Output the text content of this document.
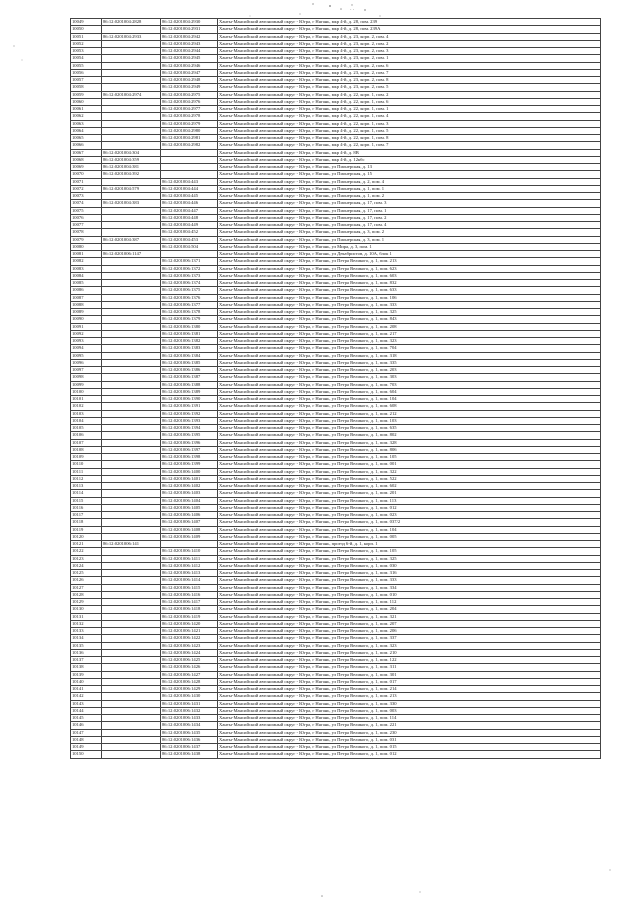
°
· ·
10049	86:12:0201004:2828	86:12:0201004:2930	Ханты-Мансийский автономный округ - Югра, г Нягань, мкр 4-й, д. 28, пом. 239
10050		86:12:0201004:2931	Ханты-Мансийский автономный округ - Югра, г Нягань, мкр 4-й, д. 28, пом. 239А
10051	86:12:0201004:2933	86:12:0201004:2942	Ханты-Мансийский автономный округ - Югра, г Нягань, мкр 4-й, д. 23, корп. 2, пом. 4
10052		86:12:0201004:2943	Ханты-Мансийский автономный округ - Югра, г Нягань, мкр 4-й, д. 23, корп. 2, пом. 2
10053		86:12:0201004:2944	Ханты-Мансийский автономный округ - Югра, г Нягань, мкр 4-й, д. 23, корп. 2, пом. 3
10054		86:12:0201004:2945	Ханты-Мансийский автономный округ - Югра, г Нягань, мкр 4-й, д. 23, корп. 2, пом. 1
10055		86:12:0201004:2946	Ханты-Мансийский автономный округ - Югра, г Нягань, мкр 4-й, д. 23, корп. 2, пом. 6
10056		86:12:0201004:2947	Ханты-Мансийский автономный округ - Югра, г Нягань, мкр 4-й, д. 23, корп. 2, пом. 7
10057		86:12:0201004:2948	Ханты-Мансийский автономный округ - Югра, г Нягань, мкр 4-й, д. 23, корп. 2, пом. 8
10058		86:12:0201004:2949	Ханты-Мансийский автономный округ - Югра, г Нягань, мкр 4-й, д. 23, корп. 2, пом. 5
10059	86:12:0201004:2974	86:12:0201004:2975	Ханты-Мансийский автономный округ - Югра, г Нягань, мкр 4-й, д. 22, корп. 1, пом. 2
10060		86:12:0201004:2976	Ханты-Мансийский автономный округ - Югра, г Нягань, мкр 4-й, д. 22, корп. 1, пом. 6
10061		86:12:0201004:2977	Ханты-Мансийский автономный округ - Югра, г Нягань, мкр 4-й, д. 22, корп. 1, пом. 1
10062		86:12:0201004:2978	Ханты-Мансийский автономный округ - Югра, г Нягань, мкр 4-й, д. 22, корп. 1, пом. 4
10063		86:12:0201004:2979	Ханты-Мансийский автономный округ - Югра, г Нягань, мкр 4-й, д. 22, корп. 1, пом. 3
10064		86:12:0201004:2980	Ханты-Мансийский автономный округ - Югра, г Нягань, мкр 4-й, д. 22, корп. 1, пом. 5
10065		86:12:0201004:2981	Ханты-Мансийский автономный округ - Югра, г Нягань, мкр 4-й, д. 22, корп. 1, пом. 8
10066		86:12:0201004:2982	Ханты-Мансийский автономный округ - Югра, г Нягань, мкр 4-й, д. 22, корп. 1, пом. 7
10067	86:12:0201004:304		Ханты-Мансийский автономный округ - Югра, г Нягань, мкр 4-й, д. 8В
10068	86:12:0201004:359		Ханты-Мансийский автономный округ - Югра, г Нягань, мкр 4-й, д. 12кбс
10069	86:12:0201004:381		Ханты-Мансийский автономный округ - Югра, г Нягань, ул Пионерская, д. 13
10070	86:12:0201004:392		Ханты-Мансийский автономный округ - Югра, г Нягань, ул Пионерская, д. 15
10071		86:12:0201004:443	Ханты-Мансийский автономный округ - Югра, г Нягань, ул Пионерская, д. 2, пом. 4
10072	86:12:0201004:579	86:12:0201004:444	Ханты-Мансийский автономный округ - Югра, г Нягань, ул Пионерская, д. 1, пом. 1
10073		86:12:0201004:445	Ханты-Мансийский автономный округ - Югра, г Нягань, ул Пионерская, д. 1, пом. 2
10074	86:12:0201004:383	86:12:0201004:446	Ханты-Мансийский автономный округ - Югра, г Нягань, ул Пионерская, д. 17, пом. 3
10075		86:12:0201004:447	Ханты-Мансийский автономный округ - Югра, г Нягань, ул Пионерская, д. 17, пом. 1
10076		86:12:0201004:448	Ханты-Мансийский автономный округ - Югра, г Нягань, ул Пионерская, д. 17, пом. 2
10077		86:12:0201004:449	Ханты-Мансийский автономный округ - Югра, г Нягань, ул Пионерская, д. 17, пом. 4
10078		86:12:0201004:452	Ханты-Мансийский автономный округ - Югра, г Нягань, ул Пионерская, д. 3, пом. 2
10079	86:12:0201004:387	86:12:0201004:453	Ханты-Мансийский автономный округ - Югра, г Нягань, ул Пионерская, д. 3, пом. 1
10080		86:12:0201004:504	Ханты-Мансийский автономный округ - Югра, г Нягань, ул Мира, д. 3, пом. 1
10081	86:12:0201006:1147		Ханты-Мансийский автономный округ - Югра, г Нягань, ул Декабристов, д. 10А, блок 1
10082		86:12:0201006:1371	Ханты-Мансийский автономный округ - Югра, г Нягань, ул Петра Великого, д. 1, пом. 213
10083		86:12:0201006:1372	Ханты-Мансийский автономный округ - Югра, г Нягань, ул Петра Великого, д. 1, пом. 623
10084		86:12:0201006:1373	Ханты-Мансийский автономный округ - Югра, г Нягань, ул Петра Великого, д. 1, пом. 603
10085		86:12:0201006:1374	Ханты-Мансийский автономный округ - Югра, г Нягань, ул Петра Великого, д. 1, пом. 832
10086		86:12:0201006:1375	Ханты-Мансийский автономный округ - Югра, г Нягань, ул Петра Великого, д. 1, пом. 633
10087		86:12:0201006:1376	Ханты-Мансийский автономный округ - Югра, г Нягань, ул Петра Великого, д. 1, пом. 106
10088		86:12:0201006:1377	Ханты-Мансийский автономный округ - Югра, г Нягань, ул Петра Великого, д. 1, пом. 333
10089		86:12:0201006:1378	Ханты-Мансийский автономный округ - Югра, г Нягань, ул Петра Великого, д. 1, пом. 325
10090		86:12:0201006:1379	Ханты-Мансийский автономный округ - Югра, г Нягань, ул Петра Великого, д. 1, пом. 843
10091		86:12:0201006:1380	Ханты-Мансийский автономный округ - Югра, г Нягань, ул Петра Великого, д. 1, пом. 208
10092		86:12:0201006:1381	Ханты-Мансийский автономный округ - Югра, г Нягань, ул Петра Великого, д. 1, пом. 217
10093		86:12:0201006:1382	Ханты-Мансийский автономный округ - Югра, г Нягань, ул Петра Великого, д. 1, пом. 323
10094		86:12:0201006:1383	Ханты-Мансийский автономный округ - Югра, г Нягань, ул Петра Великого, д. 1, пом. 704
10095		86:12:0201006:1384	Ханты-Мансийский автономный округ - Югра, г Нягань, ул Петра Великого, д. 1, пом. 318
10096		86:12:0201006:1385	Ханты-Мансийский автономный округ - Югра, г Нягань, ул Петра Великого, д. 1, пом. 335
10097		86:12:0201006:1386	Ханты-Мансийский автономный округ - Югра, г Нягань, ул Петра Великого, д. 1, пом. 203
10098		86:12:0201006:1387	Ханты-Мансийский автономный округ - Югра, г Нягань, ул Петра Великого, д. 1, пом. 303
10099		86:12:0201006:1388	Ханты-Мансийский автономный округ - Югра, г Нягань, ул Петра Великого, д. 1, пом. 703
10100		86:12:0201006:1389	Ханты-Мансийский автономный округ - Югра, г Нягань, ул Петра Великого, д. 1, пом. 604
10101		86:12:0201006:1390	Ханты-Мансийский автономный округ - Югра, г Нягань, ул Петра Великого, д. 1, пом. 104
10102		86:12:0201006:1391	Ханты-Мансийский автономный округ - Югра, г Нягань, ул Петра Великого, д. 1, пом. 608
10103		86:12:0201006:1392	Ханты-Мансийский автономный округ - Югра, г Нягань, ул Петра Великого, д. 1, пом. 212
10104		86:12:0201006:1393	Ханты-Мансийский автономный округ - Югра, г Нягань, ул Петра Великого, д. 1, пом. 103
10105		86:12:0201006:1394	Ханты-Мансийский автономный округ - Югра, г Нягань, ул Петра Великого, д. 1, пом. 635
10106		86:12:0201006:1395	Ханты-Мансийский автономный округ - Югра, г Нягань, ул Петра Великого, д. 1, пом. 802
10107		86:12:0201006:1396	Ханты-Мансийский автономный округ - Югра, г Нягань, ул Петра Великого, д. 1, пом. 328
10108		86:12:0201006:1397	Ханты-Мансийский автономный округ - Югра, г Нягань, ул Петра Великого, д. 1, пом. 806
10109		86:12:0201006:1398	Ханты-Мансийский автономный округ - Югра, г Нягань, ул Петра Великого, д. 1, пом. 105
10110		86:12:0201006:1399	Ханты-Мансийский автономный округ - Югра, г Нягань, ул Петра Великого, д. 1, пом. 001
10111		86:12:0201006:1400	Ханты-Мансийский автономный округ - Югра, г Нягань, ул Петра Великого, д. 1, пом. 322
10112		86:12:0201006:1401	Ханты-Мансийский автономный округ - Югра, г Нягань, ул Петра Великого, д. 1, пом. 522
10113		86:12:0201006:1402	Ханты-Мансийский автономный округ - Югра, г Нягань, ул Петра Великого, д. 1, пом. 602
10114		86:12:0201006:1403	Ханты-Мансийский автономный округ - Югра, г Нягань, ул Петра Великого, д. 1, пом. 201
10115		86:12:0201006:1404	Ханты-Мансийский автономный округ - Югра, г Нягань, ул Петра Великого, д. 1, пом. 113
10116		86:12:0201006:1405	Ханты-Мансийский автономный округ - Югра, г Нягань, ул Петра Великого, д. 1, пом. 012
10117		86:12:0201006:1406	Ханты-Мансийский автономный округ - Югра, г Нягань, ул Петра Великого, д. 1, пом. 023
10118		86:12:0201006:1407	Ханты-Мансийский автономный округ - Югра, г Нягань, ул Петра Великого, д. 1, пом. 037/2
10119		86:12:0201006:1408	Ханты-Мансийский автономный округ - Югра, г Нягань, ул Петра Великого, д. 1, пом. 104
10120		86:12:0201006:1409	Ханты-Мансийский автономный округ - Югра, г Нягань, ул Петра Великого, д. 1, пом. 005
10121	86:12:0201006:141		Ханты-Мансийский автономный округ - Югра, г Нягань, проезд 6-й, д. 1, корп. 1
10122		86:12:0201006:1410	Ханты-Мансийский автономный округ - Югра, г Нягань, ул Петра Великого, д. 1, пом. 105
10123		86:12:0201006:1411	Ханты-Мансийский автономный округ - Югра, г Нягань, ул Петра Великого, д. 1, пом. 325
10124		86:12:0201006:1412	Ханты-Мансийский автономный округ - Югра, г Нягань, ул Петра Великого, д. 1, пом. 030
10125		86:12:0201006:1413	Ханты-Мансийский автономный округ - Югра, г Нягань, ул Петра Великого, д. 1, пом. 316
10126		86:12:0201006:1414	Ханты-Мансийский автономный округ - Югра, г Нягань, ул Петра Великого, д. 1, пом. 333
10127		86:12:0201006:1415	Ханты-Мансийский автономный округ - Югра, г Нягань, ул Петра Великого, д. 1, пом. 334
10128		86:12:0201006:1416	Ханты-Мансийский автономный округ - Югра, г Нягань, ул Петра Великого, д. 1, пом. 010
10129		86:12:0201006:1417	Ханты-Мансийский автономный округ - Югра, г Нягань, ул Петра Великого, д. 1, пом. 112
10130		86:12:0201006:1418	Ханты-Мансийский автономный округ - Югра, г Нягань, ул Петра Великого, д. 1, пом. 204
10131		86:12:0201006:1419	Ханты-Мансийский автономный округ - Югра, г Нягань, ул Петра Великого, д. 1, пом. 321
10132		86:12:0201006:1420	Ханты-Мансийский автономный округ - Югра, г Нягань, ул Петра Великого, д. 1, пом. 207
10133		86:12:0201006:1421	Ханты-Мансийский автономный округ - Югра, г Нягань, ул Петра Великого, д. 1, пом. 206
10134		86:12:0201006:1422	Ханты-Мансийский автономный округ - Югра, г Нягань, ул Петра Великого, д. 1, пом. 337
10135		86:12:0201006:1423	Ханты-Мансийский автономный округ - Югра, г Нягань, ул Петра Великого, д. 1, пом. 323
10136		86:12:0201006:1424	Ханты-Мансийский автономный округ - Югра, г Нягань, ул Петра Великого, д. 1, пом. 210
10137		86:12:0201006:1425	Ханты-Мансийский автономный округ - Югра, г Нягань, ул Петра Великого, д. 1, пом. 122
10138		86:12:0201006:1426	Ханты-Мансийский автономный округ - Югра, г Нягань, ул Петра Великого, д. 1, пом. 311
10139		86:12:0201006:1427	Ханты-Мансийский автономный округ - Югра, г Нягань, ул Петра Великого, д. 1, пом. 301
10140		86:12:0201006:1428	Ханты-Мансийский автономный округ - Югра, г Нягань, ул Петра Великого, д. 1, пом. 017
10141		86:12:0201006:1429	Ханты-Мансийский автономный округ - Югра, г Нягань, ул Петра Великого, д. 1, пом. 214
10142		86:12:0201006:1430	Ханты-Мансийский автономный округ - Югра, г Нягань, ул Петра Великого, д. 1, пом. 213
10143		86:12:0201006:1431	Ханты-Мансийский автономный округ - Югра, г Нягань, ул Петра Великого, д. 1, пом. 330
10144		86:12:0201006:1432	Ханты-Мансийский автономный округ - Югра, г Нягань, ул Петра Великого, д. 1, пом. 003
10145		86:12:0201006:1433	Ханты-Мансийский автономный округ - Югра, г Нягань, ул Петра Великого, д. 1, пом. 114
10146		86:12:0201006:1434	Ханты-Мансийский автономный округ - Югра, г Нягань, ул Петра Великого, д. 1, пом. 221
10147		86:12:0201006:1435	Ханты-Мансийский автономный округ - Югра, г Нягань, ул Петра Великого, д. 1, пом. 230
10148		86:12:0201006:1436	Ханты-Мансийский автономный округ - Югра, г Нягань, ул Петра Великого, д. 1, пом. 031
10149		86:12:0201006:1437	Ханты-Мансийский автономный округ - Югра, г Нягань, ул Петра Великого, д. 1, пом. 015
10150		86:12:0201006:1438	Ханты-Мансийский автономный округ - Югра, г Нягань, ул Петра Великого, д. 1, пом. 012
